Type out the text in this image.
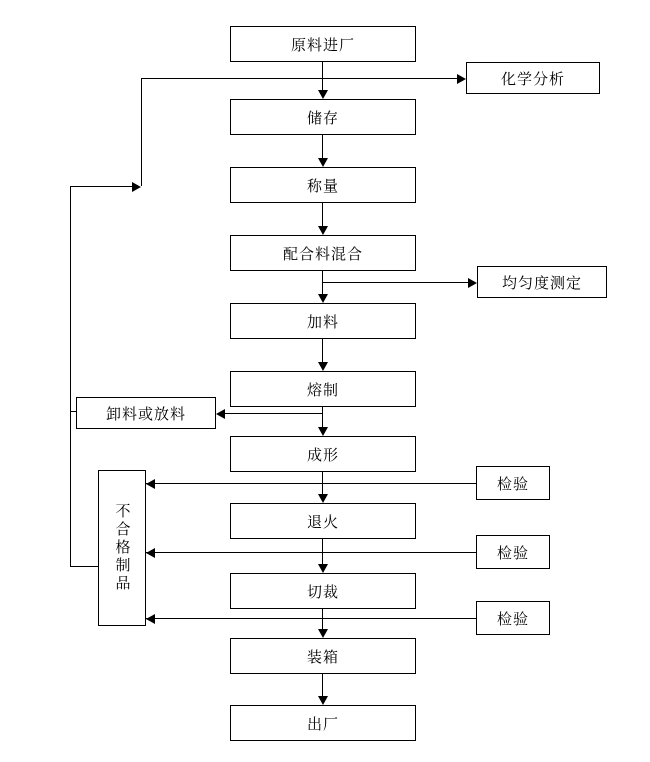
原料进厂
储存
称量
配合料混合
加料
熔制
成形
退火
切裁
装箱
出厂
化学分析
均匀度测定
卸料或放料
检验
检验
检验
不合格制品
